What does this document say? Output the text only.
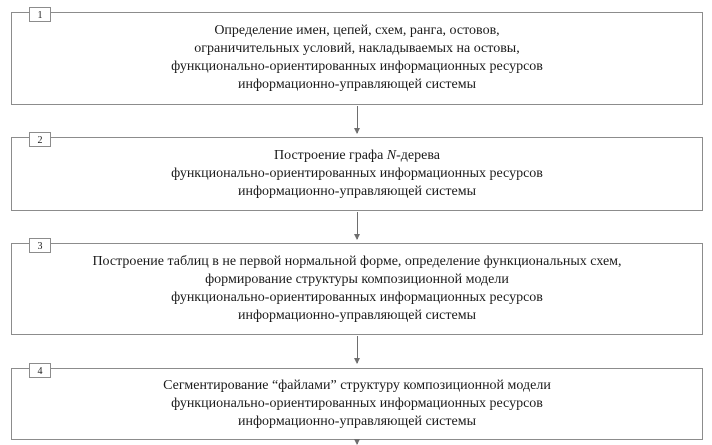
1
Определение имен, цепей, схем, ранга, остовов,
ограничительных условий, накладываемых на остовы,
функционально-ориентированных информационных ресурсов
информационно-управляющей системы
2
Построение графа N-дерева
функционально-ориентированных информационных ресурсов
информационно-управляющей системы
3
Построение таблиц в не первой нормальной форме, определение функциональных схем,
формирование структуры композиционной модели
функционально-ориентированных информационных ресурсов
информационно-управляющей системы
4
Сегментирование “файлами” структуру композиционной модели
функционально-ориентированных информационных ресурсов
информационно-управляющей системы
